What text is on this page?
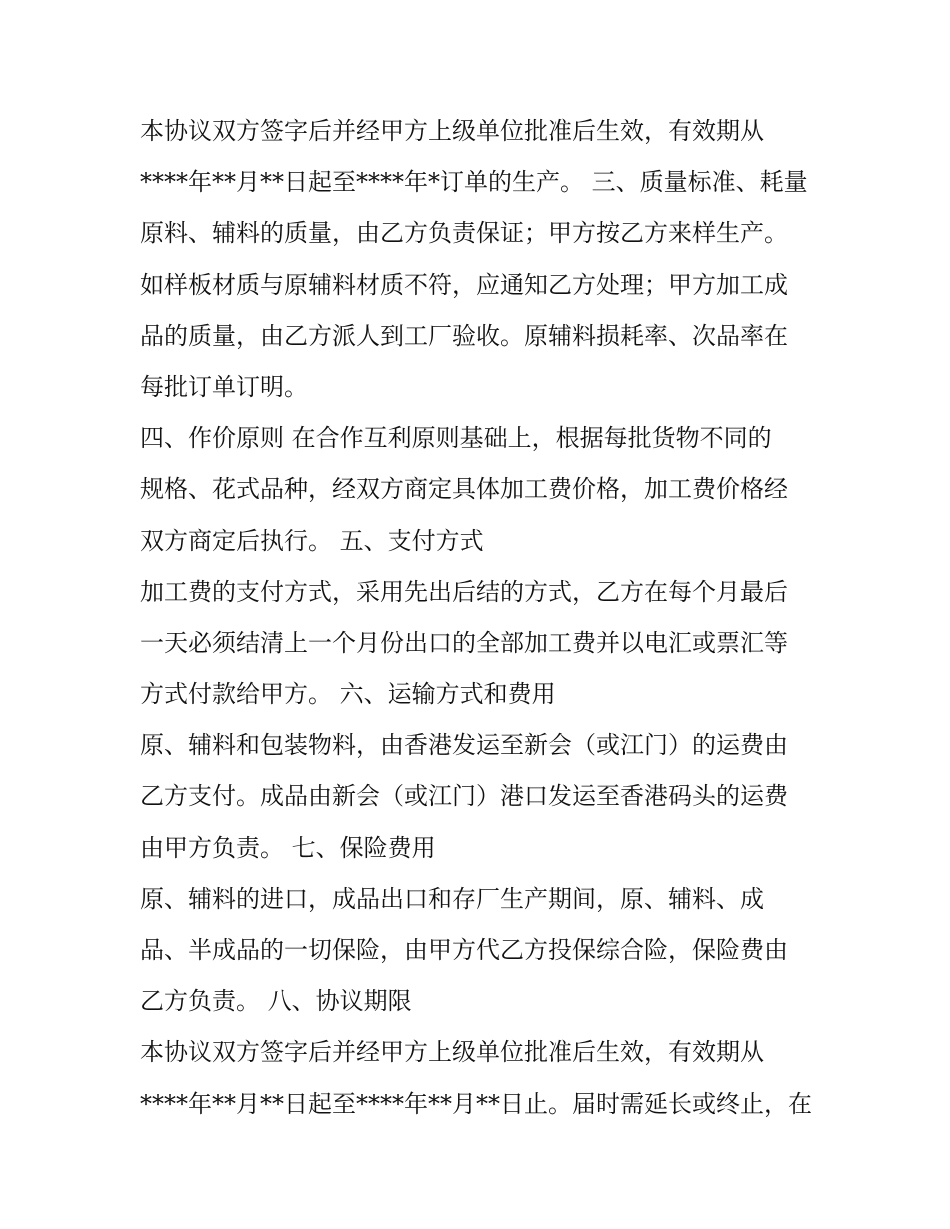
本协议双方签字后并经甲方上级单位批准后生效，有效期从
****年**月**日起至****年*订单的生产。 三、质量标准、耗量
原料、辅料的质量，由乙方负责保证；甲方按乙方来样生产。
如样板材质与原辅料材质不符，应通知乙方处理；甲方加工成
品的质量，由乙方派人到工厂验收。原辅料损耗率、次品率在
每批订单订明。
四、作价原则 在合作互利原则基础上，根据每批货物不同的
规格、花式品种，经双方商定具体加工费价格，加工费价格经
双方商定后执行。 五、支付方式
加工费的支付方式，采用先出后结的方式，乙方在每个月最后
一天必须结清上一个月份出口的全部加工费并以电汇或票汇等
方式付款给甲方。 六、运输方式和费用
原、辅料和包装物料，由香港发运至新会（或江门）的运费由
乙方支付。成品由新会（或江门）港口发运至香港码头的运费
由甲方负责。 七、保险费用
原、辅料的进口，成品出口和存厂生产期间，原、辅料、成
品、半成品的一切保险，由甲方代乙方投保综合险，保险费由
乙方负责。 八、协议期限
本协议双方签字后并经甲方上级单位批准后生效，有效期从
****年**月**日起至****年**月**日止。届时需延长或终止，在
